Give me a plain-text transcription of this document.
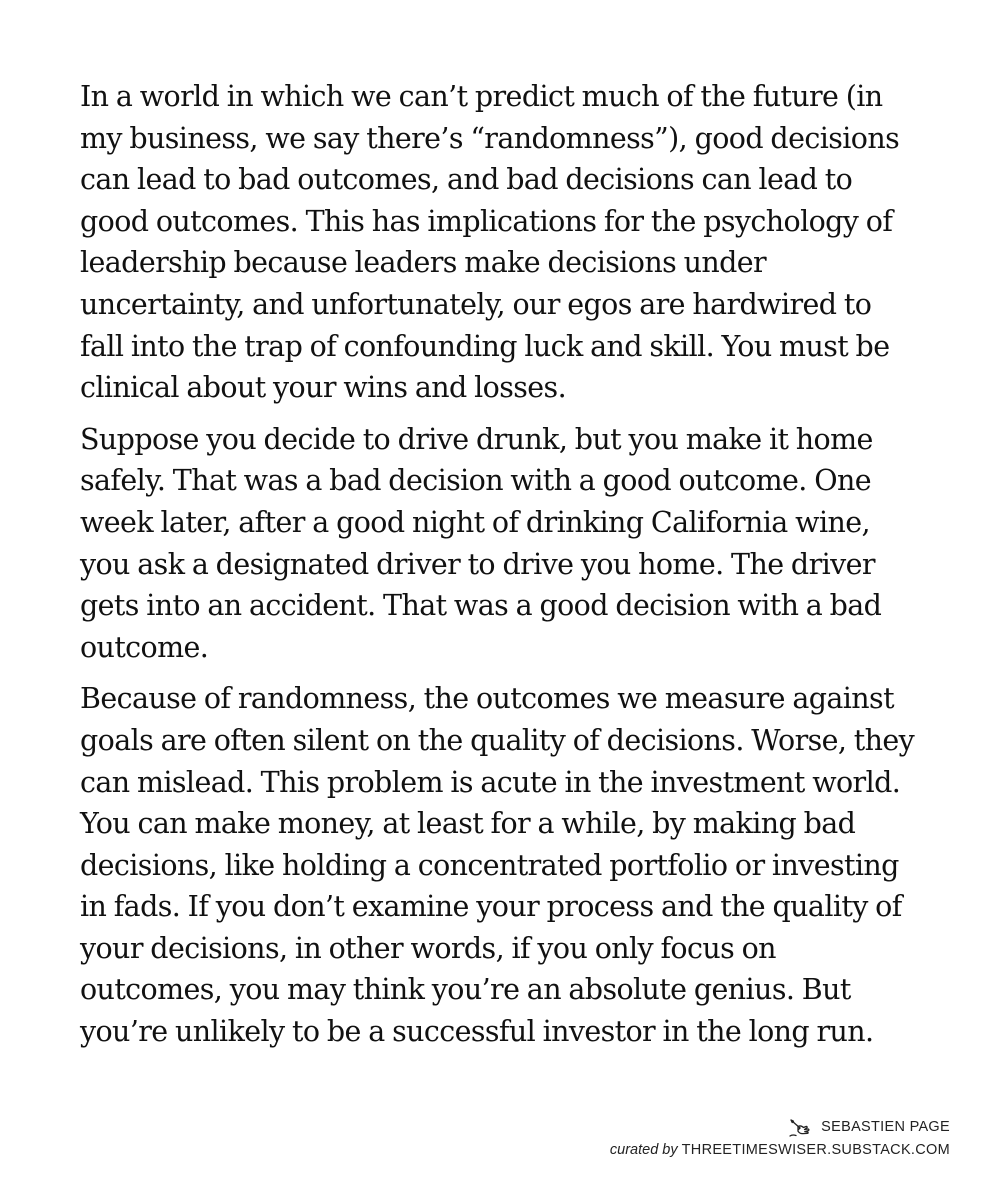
In a world in which we can’t predict much of the future (in
my business, we say there’s “randomness”), good decisions
can lead to bad outcomes, and bad decisions can lead to
good outcomes. This has implications for the psychology of
leadership because leaders make decisions under
uncertainty, and unfortunately, our egos are hardwired to
fall into the trap of confounding luck and skill. You must be
clinical about your wins and losses.

Suppose you decide to drive drunk, but you make it home
safely. That was a bad decision with a good outcome. One
week later, after a good night of drinking California wine,
you ask a designated driver to drive you home. The driver
gets into an accident. That was a good decision with a bad
outcome.

Because of randomness, the outcomes we measure against
goals are often silent on the quality of decisions. Worse, they
can mislead. This problem is acute in the investment world.
You can make money, at least for a while, by making bad
decisions, like holding a concentrated portfolio or investing
in fads. If you don’t examine your process and the quality of
your decisions, in other words, if you only focus on
outcomes, you may think you’re an absolute genius. But
you’re unlikely to be a successful investor in the long run.

SEBASTIEN PAGE
curated by THREETIMESWISER.SUBSTACK.COM
